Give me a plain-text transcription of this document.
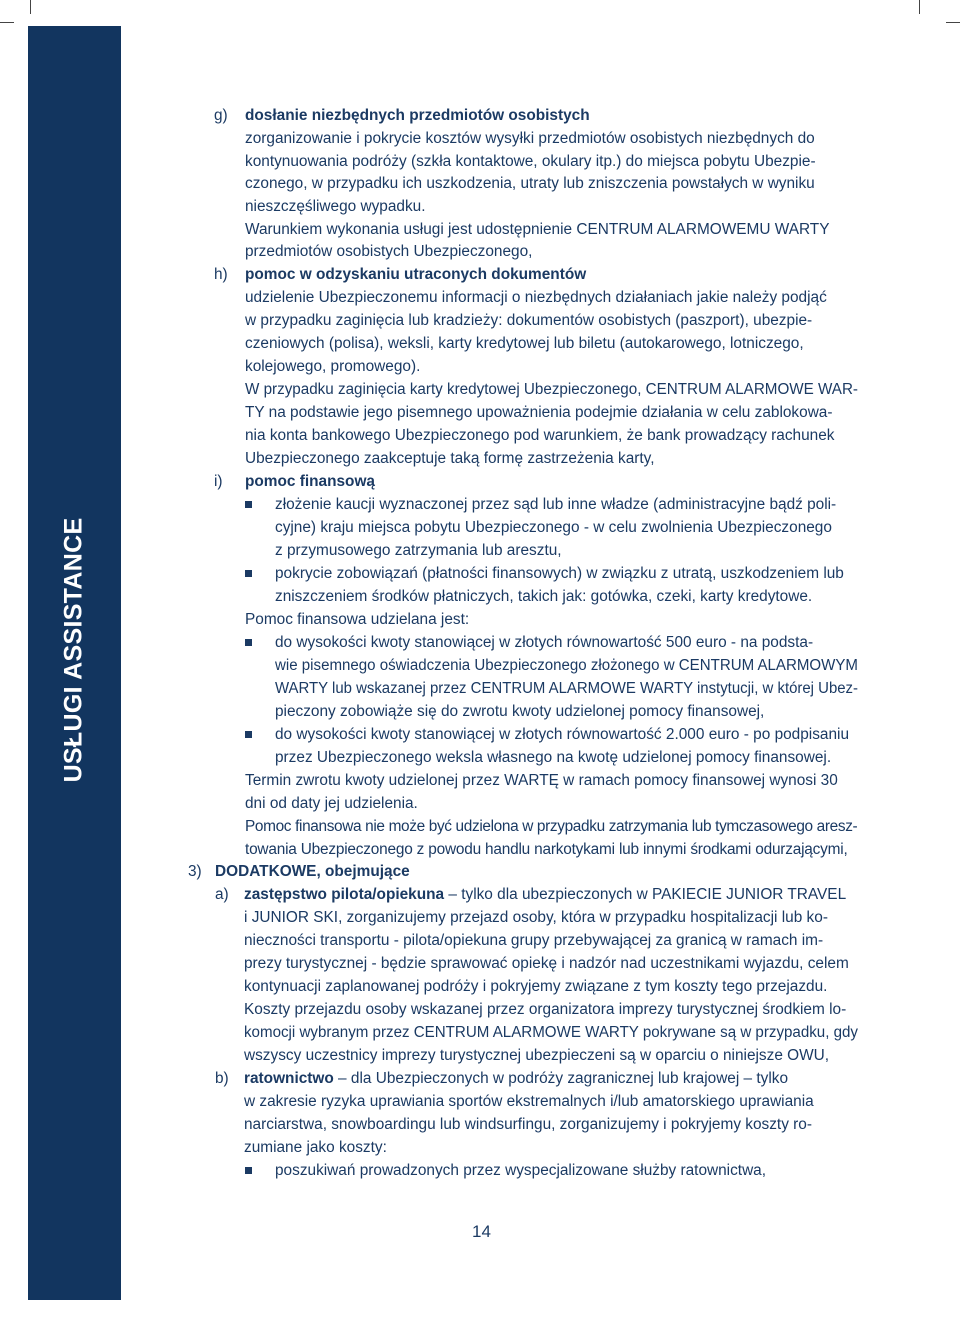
USŁUGI ASSISTANCE
g) dosłanie niezbędnych przedmiotów osobistych
zorganizowanie i pokrycie kosztów wysyłki przedmiotów osobistych niezbędnych do
kontynuowania podróży (szkła kontaktowe, okulary itp.) do miejsca pobytu Ubezpie-
czonego, w przypadku ich uszkodzenia, utraty lub zniszczenia powstałych w wyniku
nieszczęśliwego wypadku.
Warunkiem wykonania usługi jest udostępnienie CENTRUM ALARMOWEMU WARTY
przedmiotów osobistych Ubezpieczonego,
h) pomoc w odzyskaniu utraconych dokumentów
udzielenie Ubezpieczonemu informacji o niezbędnych działaniach jakie należy podjąć
w przypadku zaginięcia lub kradzieży: dokumentów osobistych (paszport), ubezpie-
czeniowych (polisa), weksli, karty kredytowej lub biletu (autokarowego, lotniczego,
kolejowego, promowego).
W przypadku zaginięcia karty kredytowej Ubezpieczonego, CENTRUM ALARMOWE WAR-
TY na podstawie jego pisemnego upoważnienia podejmie działania w celu zablokowa-
nia konta bankowego Ubezpieczonego pod warunkiem, że bank prowadzący rachunek
Ubezpieczonego zaakceptuje taką formę zastrzeżenia karty,
i) pomoc finansową
złożenie kaucji wyznaczonej przez sąd lub inne władze (administracyjne bądź poli-
cyjne) kraju miejsca pobytu Ubezpieczonego - w celu zwolnienia Ubezpieczonego
z przymusowego zatrzymania lub aresztu,
pokrycie zobowiązań (płatności finansowych) w związku z utratą, uszkodzeniem lub
zniszczeniem środków płatniczych, takich jak: gotówka, czeki, karty kredytowe.
Pomoc finansowa udzielana jest:
do wysokości kwoty stanowiącej w złotych równowartość 500 euro - na podsta-
wie pisemnego oświadczenia Ubezpieczonego złożonego w CENTRUM ALARMOWYM
WARTY lub wskazanej przez CENTRUM ALARMOWE WARTY instytucji, w której Ubez-
pieczony zobowiąże się do zwrotu kwoty udzielonej pomocy finansowej,
do wysokości kwoty stanowiącej w złotych równowartość 2.000 euro - po podpisaniu
przez Ubezpieczonego weksla własnego na kwotę udzielonej pomocy finansowej.
Termin zwrotu kwoty udzielonej przez WARTĘ w ramach pomocy finansowej wynosi 30
dni od daty jej udzielenia.
Pomoc finansowa nie może być udzielona w przypadku zatrzymania lub tymczasowego aresz-
towania Ubezpieczonego z powodu handlu narkotykami lub innymi środkami odurzającymi,
3) DODATKOWE, obejmujące
a) zastępstwo pilota/opiekuna – tylko dla ubezpieczonych w PAKIECIE JUNIOR TRAVEL
i JUNIOR SKI, zorganizujemy przejazd osoby, która w przypadku hospitalizacji lub ko-
nieczności transportu - pilota/opiekuna grupy przebywającej za granicą w ramach im-
prezy turystycznej - będzie sprawować opiekę i nadzór nad uczestnikami wyjazdu, celem
kontynuacji zaplanowanej podróży i pokryjemy związane z tym koszty tego przejazdu.
Koszty przejazdu osoby wskazanej przez organizatora imprezy turystycznej środkiem lo-
komocji wybranym przez CENTRUM ALARMOWE WARTY pokrywane są w przypadku, gdy
wszyscy uczestnicy imprezy turystycznej ubezpieczeni są w oparciu o niniejsze OWU,
b) ratownictwo – dla Ubezpieczonych w podróży zagranicznej lub krajowej – tylko
w zakresie ryzyka uprawiania sportów ekstremalnych i/lub amatorskiego uprawiania
narciarstwa, snowboardingu lub windsurfingu, zorganizujemy i pokryjemy koszty ro-
zumiane jako koszty:
poszukiwań prowadzonych przez wyspecjalizowane służby ratownictwa,
14
